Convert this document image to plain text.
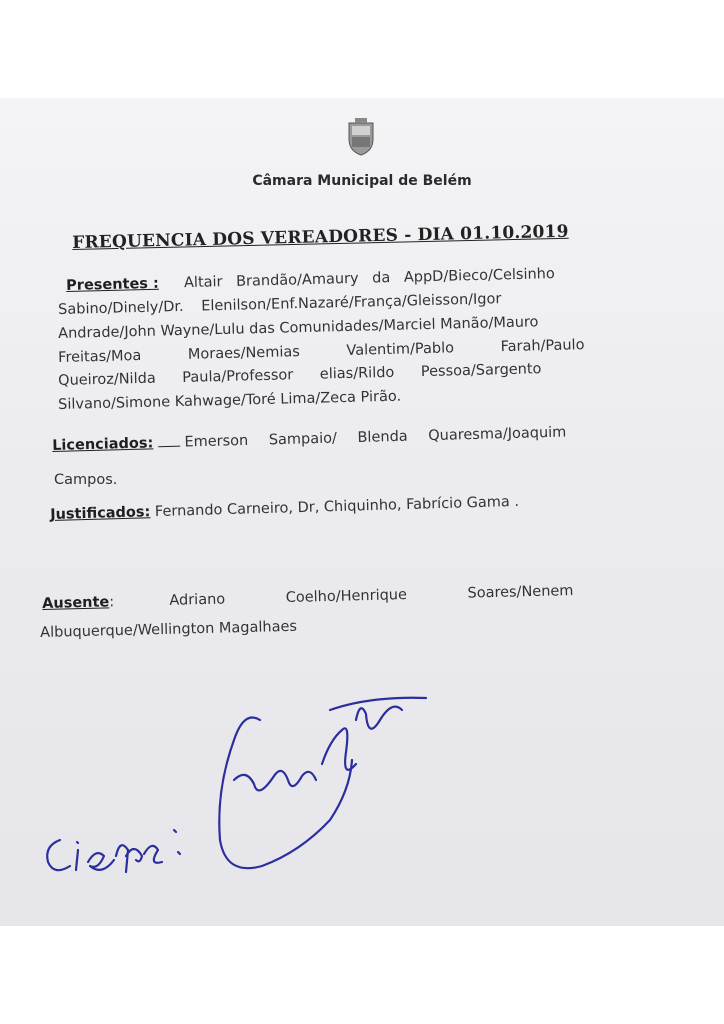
Câmara Municipal de Belém
FREQUENCIA DOS VEREADORES - DIA 01.10.2019
Presentes : Altair Brandão/Amaury da AppD/Bieco/Celsinho
Sabino/Dinely/Dr. Elenilson/Enf.Nazaré/França/Gleisson/Igor
Andrade/John Wayne/Lulu das Comunidades/Marciel Manão/Mauro
Freitas/Moa Moraes/Nemias Valentim/Pablo Farah/Paulo
Queiroz/Nilda Paula/Professor elias/Rildo Pessoa/Sargento
Silvano/Simone Kahwage/Toré Lima/Zeca Pirão.
Licenciados: Emerson Sampaio/ Blenda Quaresma/Joaquim
Campos.
Justificados: Fernando Carneiro, Dr, Chiquinho, Fabrício Gama .
Ausente:	Adriano Coelho/Henrique Soares/Nenem
Albuquerque/Wellington Magalhaes
